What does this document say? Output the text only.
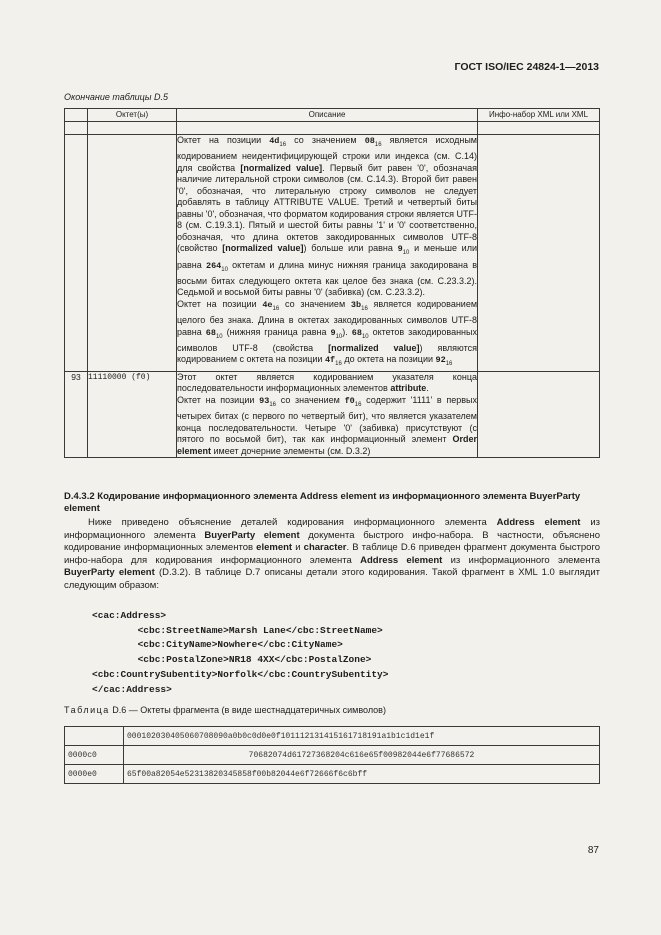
ГОСТ ISO/IEC 24824-1—2013
Окончание таблицы D.5
	Октет(ы)	Описание	Инфо-набор XML или XML

		Октет на позиции $4d_{16}$ со значением $08_{16}$ является исходным кодированием неидентифицирующей строки или индекса (см. С.14) для свойства [normalized value]. Первый бит равен '0', обозначая наличие литеральной строки символов (см. С.14.3). Второй бит равен '0', обозначая, что литеральную строку символов не следует добавлять в таблицу ATTRIBUTE VALUE. Третий и четвертый биты равны '0', обозначая, что форматом кодирования строки является UTF-8 (см. С.19.3.1). Пятый и шестой биты равны '1' и '0' соответственно, обозначая, что длина октетов закодированных символов UTF-8 (свойство [normalized value]) больше или равна $9_{10}$ и меньше или равна $264_{10}$ октетам и длина минус нижняя граница закодирована в восьми битах следующего октета как целое без знака (см. С.23.3.2). Седьмой и восьмой биты равны '0' (забивка) (см. С.23.3.2).

Октет на позиции $4e_{16}$ со значением $3b_{16}$ является кодированием целого без знака. Длина в октетах закодированных символов UTF-8 равна $68_{10}$ (нижняя граница равна $9_{10}$). $68_{10}$ октетов закодированных символов UTF-8 (свойства [normalized value]) являются кодированием с октета на позиции $4f_{16}$ до октета на позиции $92_{16}$

93	11110000 (f0)	Этот октет является кодированием указателя конца последовательности информационных элементов attribute.

Октет на позиции $93_{16}$ со значением $f0_{16}$ содержит '1111' в первых четырех битах (с первого по четвертый бит), что является указателем конца последовательности. Четыре '0' (забивка) присутствуют (с пятого по восьмой бит), так как информационный элемент Order element имеет дочерние элементы (см. D.3.2)	

D.4.3.2 Кодирование информационного элемента Address element из информационного элемента BuyerParty element

Ниже приведено объяснение деталей кодирования информационного элемента Address element из информационного элемента BuyerParty element документа быстрого инфо-набора. В частности, объяснено кодирование информационных элементов element и character. В таблице D.6 приведен фрагмент документа быстрого инфо-набора для кодирования информационного элемента Address element из информационного элемента BuyerParty element (D.3.2). В таблице D.7 описаны детали этого кодирования. Такой фрагмент в XML 1.0 выглядит следующим образом:

<cac:Address>
<cbc:StreetName>Marsh Lane</cbc:StreetName>
<cbc:CityName>Nowhere</cbc:CityName>
<cbc:PostalZone>NR18 4XX</cbc:PostalZone>
<cbc:CountrySubentity>Norfolk</cbc:CountrySubentity>
</cac:Address>
Таблица D.6 — Октеты фрагмента (в виде шестнадцатеричных символов)
	000102030405060708090a0b0c0d0e0f101112131415161718191a1b1c1d1e1f
0000c0	70682074d61727368204c616e65f00982044e6f77686572
0000e0	65f00a82054e52313820345858f00b82044e6f72666f6c6bff
87
